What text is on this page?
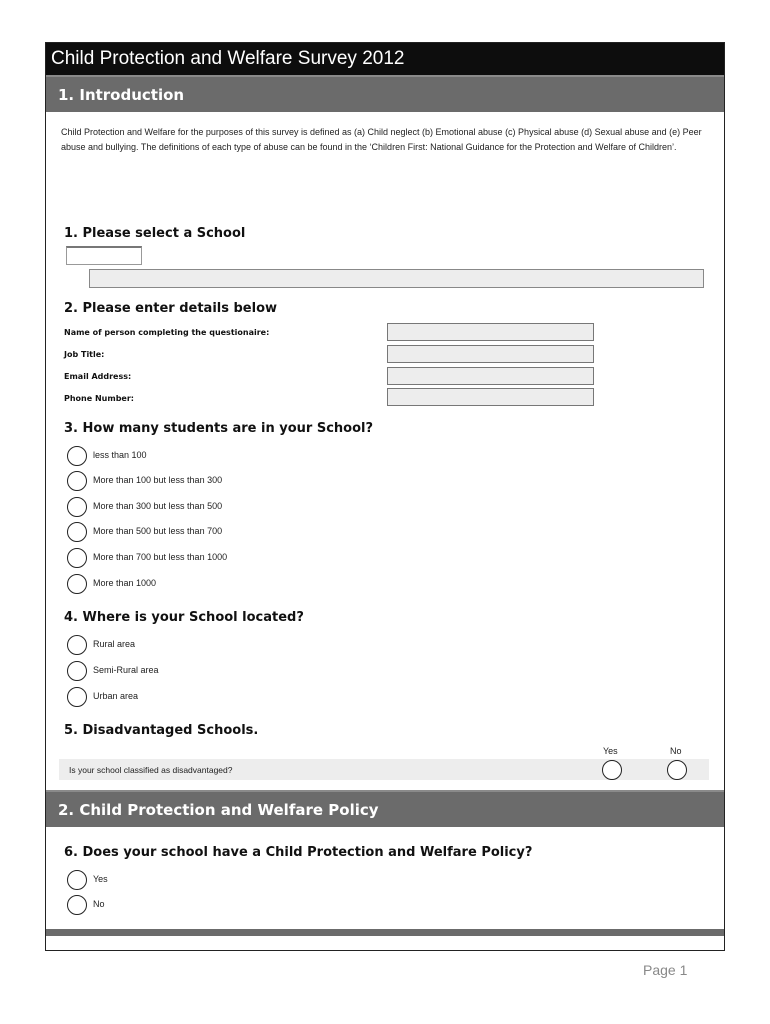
Child Protection and Welfare Survey 2012
1. Introduction
Child Protection and Welfare for the purposes of this survey is defined as (a) Child neglect (b) Emotional abuse (c) Physical abuse (d) Sexual abuse and (e) Peer abuse and bullying. The definitions of each type of abuse can be found in the ‘Children First: National Guidance for the Protection and Welfare of Children’.
1. Please select a School
2. Please enter details below
Name of person completing the questionaire:
Job Title:
Email Address:
Phone Number:
3. How many students are in your School?
less than 100
More than 100 but less than 300
More than 300 but less than 500
More than 500 but less than 700
More than 700 but less than 1000
More than 1000
4. Where is your School located?
Rural area
Semi-Rural area
Urban area
5. Disadvantaged Schools.
Yes	No
Is your school classified as disadvantaged?
2. Child Protection and Welfare Policy
6. Does your school have a Child Protection and Welfare Policy?
Yes
No
Page 1
